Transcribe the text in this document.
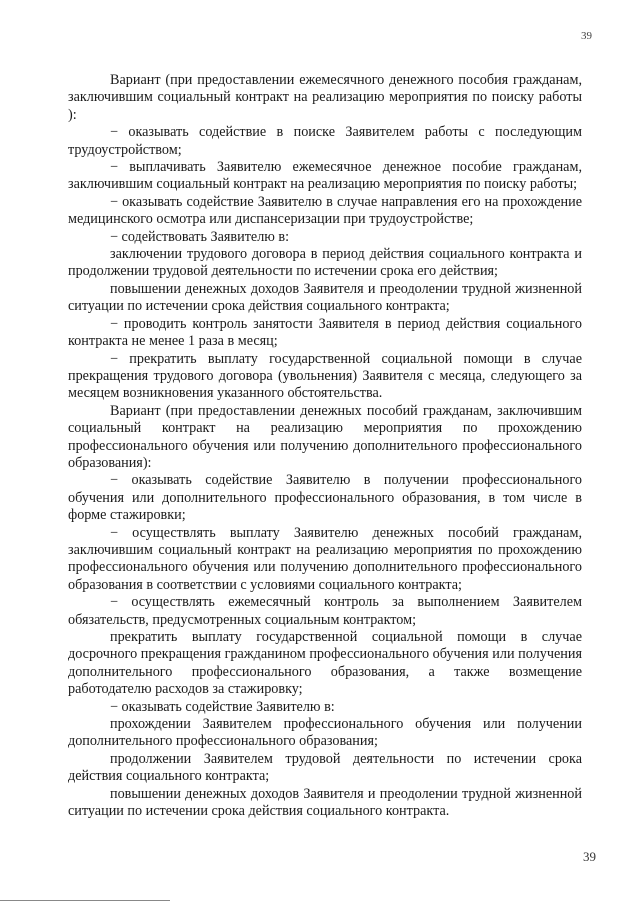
39

Вариант (при предоставлении ежемесячного денежного пособия гражданам, заключившим социальный контракт на реализацию мероприятия по поиску работы ):

− оказывать содействие в поиске Заявителем работы с последующим трудоустройством;

− выплачивать Заявителю ежемесячное денежное пособие гражданам, заключившим социальный контракт на реализацию мероприятия по поиску работы;

− оказывать содействие Заявителю в случае направления его на прохождение медицинского осмотра или диспансеризации при трудоустройстве;

− содействовать Заявителю в:

заключении трудового договора в период действия социального контракта и продолжении трудовой деятельности по истечении срока его действия;

повышении денежных доходов Заявителя и преодолении трудной жизненной ситуации по истечении срока действия социального контракта;

− проводить контроль занятости Заявителя в период действия социального контракта не менее 1 раза в месяц;

− прекратить выплату государственной социальной помощи в случае прекращения трудового договора (увольнения) Заявителя с месяца, следующего за месяцем возникновения указанного обстоятельства.

Вариант (при предоставлении денежных пособий гражданам, заключившим социальный контракт на реализацию мероприятия по прохождению профессионального обучения или получению дополнительного профессионального образования):

− оказывать содействие Заявителю в получении профессионального обучения или дополнительного профессионального образования, в том числе в форме стажировки;

− осуществлять выплату Заявителю денежных пособий гражданам, заключившим социальный контракт на реализацию мероприятия по прохождению профессионального обучения или получению дополнительного профессионального образования в соответствии с условиями социального контракта;

− осуществлять ежемесячный контроль за выполнением Заявителем обязательств, предусмотренных социальным контрактом;

прекратить выплату государственной социальной помощи в случае досрочного прекращения гражданином профессионального обучения или получения дополнительного профессионального образования, а также возмещение работодателю расходов за стажировку;

− оказывать содействие Заявителю в:

прохождении Заявителем профессионального обучения или получении дополнительного профессионального образования;

продолжении Заявителем трудовой деятельности по истечении срока действия социального контракта;

повышении денежных доходов Заявителя и преодолении трудной жизненной ситуации по истечении срока действия социального контракта.

39
